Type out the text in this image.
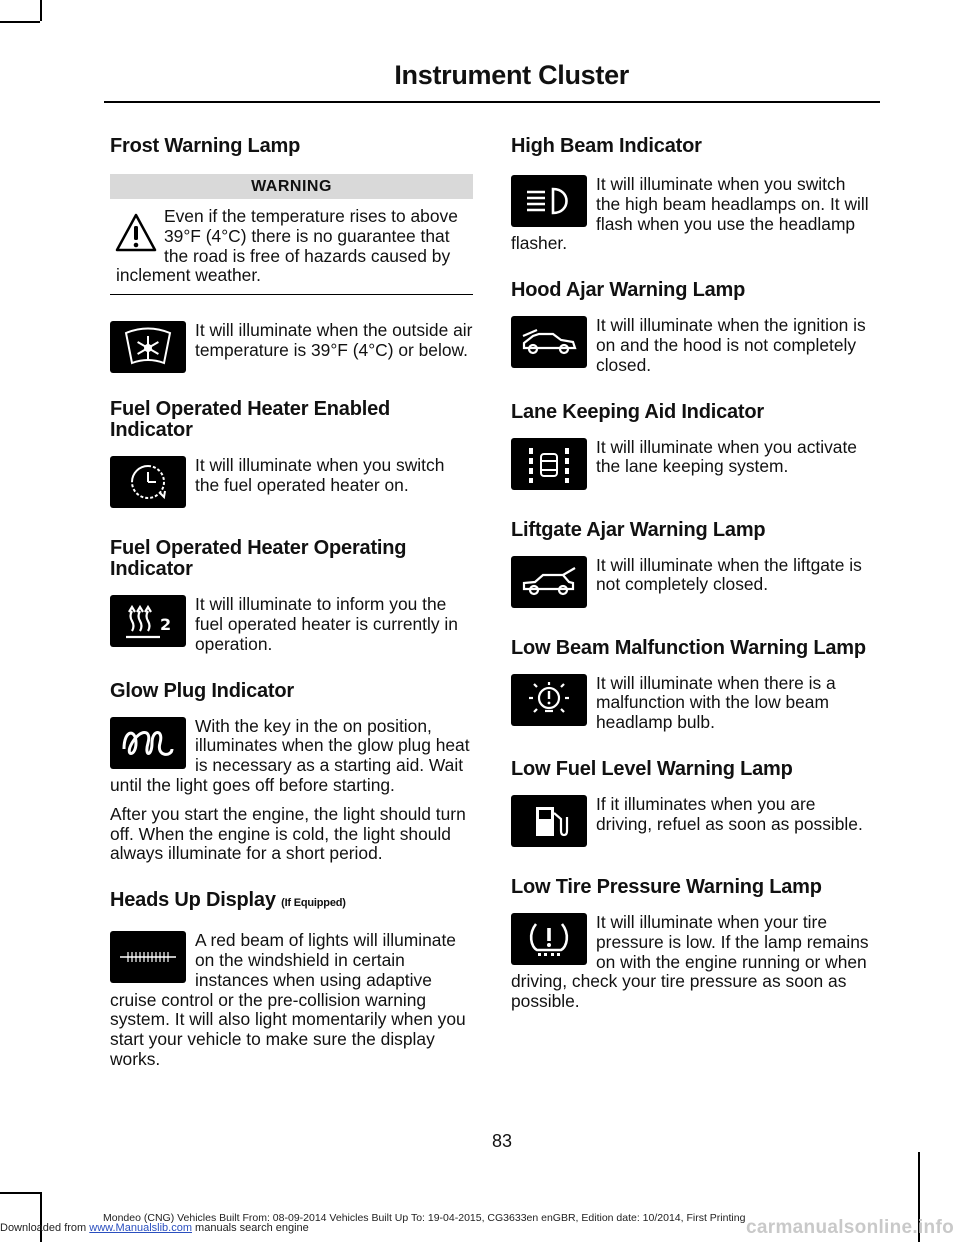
Instrument Cluster
Frost Warning Lamp
WARNING

Even if the temperature rises to above 39°F (4°C) there is no guarantee that the road is free of hazards caused by inclement weather.

It will illuminate when the outside air temperature is 39°F (4°C) or below.

Fuel Operated Heater Enabled Indicator

It will illuminate when you switch the fuel operated heater on.

Fuel Operated Heater Operating Indicator
2

It will illuminate to inform you the fuel operated heater is currently in operation.

Glow Plug Indicator

With the key in the on position, illuminates when the glow plug heat is necessary as a starting aid. Wait until the light goes off before starting.

After you start the engine, the light should turn off. When the engine is cold, the light should always illuminate for a short period.

Heads Up Display (If Equipped)

A red beam of lights will illuminate on the windshield in certain instances when using adaptive cruise control or the pre-collision warning system. It will also light momentarily when you start your vehicle to make sure the display works.

High Beam Indicator

It will illuminate when you switch the high beam headlamps on. It will flash when you use the headlamp flasher.

Hood Ajar Warning Lamp

It will illuminate when the ignition is on and the hood is not completely closed.

Lane Keeping Aid Indicator

It will illuminate when you activate the lane keeping system.

Liftgate Ajar Warning Lamp

It will illuminate when the liftgate is not completely closed.

Low Beam Malfunction Warning Lamp

It will illuminate when there is a malfunction with the low beam headlamp bulb.

Low Fuel Level Warning Lamp

If it illuminates when you are driving, refuel as soon as possible.

Low Tire Pressure Warning Lamp

It will illuminate when your tire pressure is low. If the lamp remains on with the engine running or when driving, check your tire pressure as soon as possible.

83
Downloaded from www.Manualslib.com manuals search engine
Mondeo (CNG) Vehicles Built From: 08-09-2014 Vehicles Built Up To: 19-04-2015, CG3633en enGBR, Edition date: 10/2014, First Printing carmanualsonline.info
